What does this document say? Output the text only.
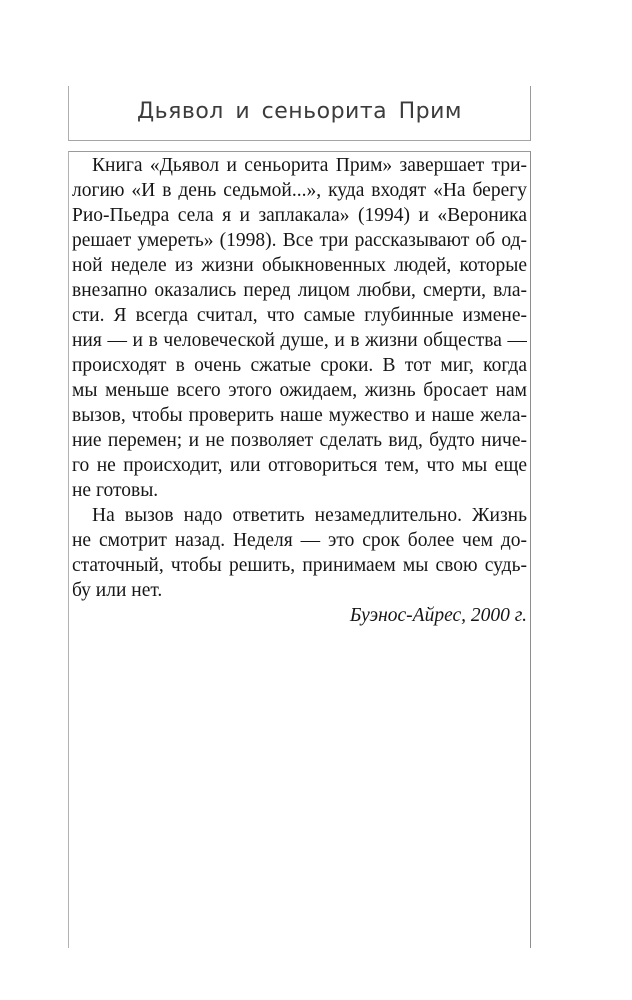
Дьявол и сеньорита Прим
Книга «Дьявол и сеньорита Прим» завершает три-
логию «И в день седьмой...», куда входят «На берегу
Рио-Пьедра села я и заплакала» (1994) и «Вероника
решает умереть» (1998). Все три рассказывают об од-
ной неделе из жизни обыкновенных людей, которые
внезапно оказались перед лицом любви, смерти, вла-
сти. Я всегда считал, что самые глубинные измене-
ния — и в человеческой душе, и в жизни общества —
происходят в очень сжатые сроки. В тот миг, когда
мы меньше всего этого ожидаем, жизнь бросает нам
вызов, чтобы проверить наше мужество и наше жела-
ние перемен; и не позволяет сделать вид, будто ниче-
го не происходит, или отговориться тем, что мы еще
не готовы.
На вызов надо ответить незамедлительно. Жизнь
не смотрит назад. Неделя — это срок более чем до-
статочный, чтобы решить, принимаем мы свою судь-
бу или нет.
Буэнос-Айрес, 2000 г.
